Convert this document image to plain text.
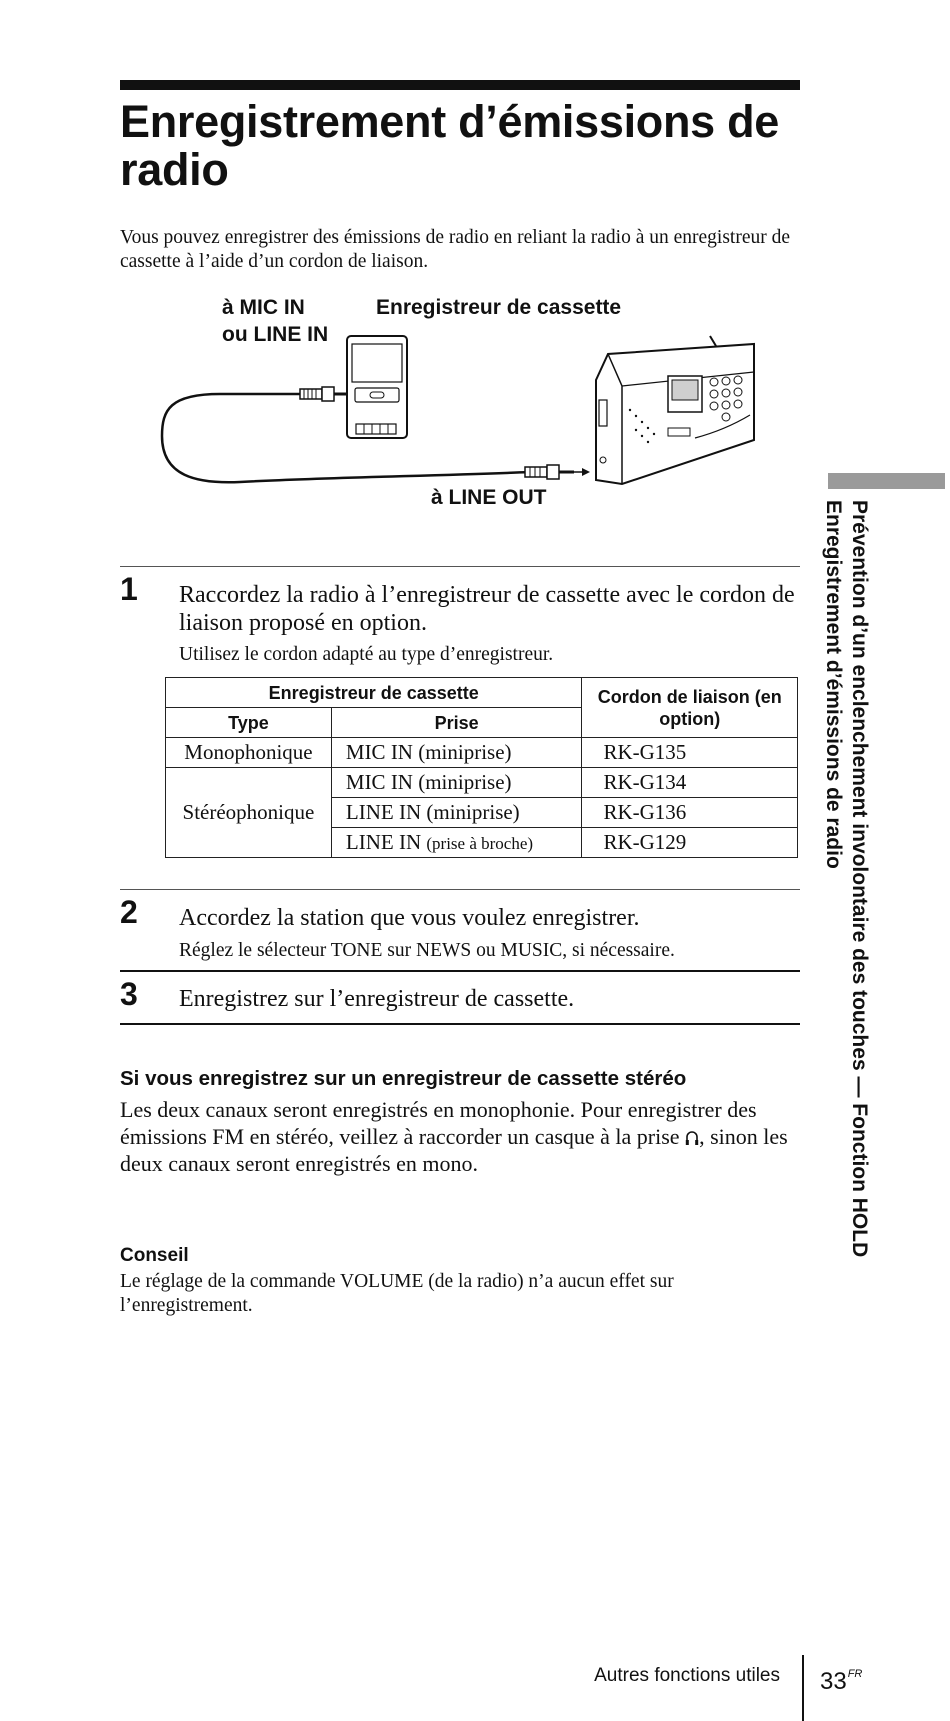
Enregistrement d’émissions de radio

Vous pouvez enregistrer des émissions de radio en reliant la radio à un enregistreur de cassette à l’aide d’un cordon de liaison.

à MIC IN
ou LINE IN
Enregistreur de cassette
à LINE OUT
1 Raccordez la radio à l’enregistreur de cassette avec le cordon de liaison proposé en option.

Utilisez le cordon adapté au type d’enregistreur.

Enregistreur de cassette		Cordon de liaison (en option)
Type	Prise	
Monophonique	MIC IN (miniprise)	RK-G135
Stéréophonique	MIC IN (miniprise)	RK-G134
	LINE IN (miniprise)	RK-G136
	LINE IN (prise à broche)	RK-G129
2 Accordez la station que vous voulez enregistrer.

Réglez le sélecteur TONE sur NEWS ou MUSIC, si nécessaire.

3 Enregistrez sur l’enregistreur de cassette.

Si vous enregistrez sur un enregistreur de cassette stéréo

Les deux canaux seront enregistrés en monophonie. Pour enregistrer des émissions FM en stéréo, veillez à raccorder un casque à la prise , sinon les deux canaux seront enregistrés en mono.

Conseil

Le réglage de la commande VOLUME (de la radio) n’a aucun effet sur l’enregistrement.

Prévention d’un enclenchement involontaire des touches — Fonction HOLD
Enregistrement d’émissions de radio
Autres fonctions utiles $33^{FR}$
